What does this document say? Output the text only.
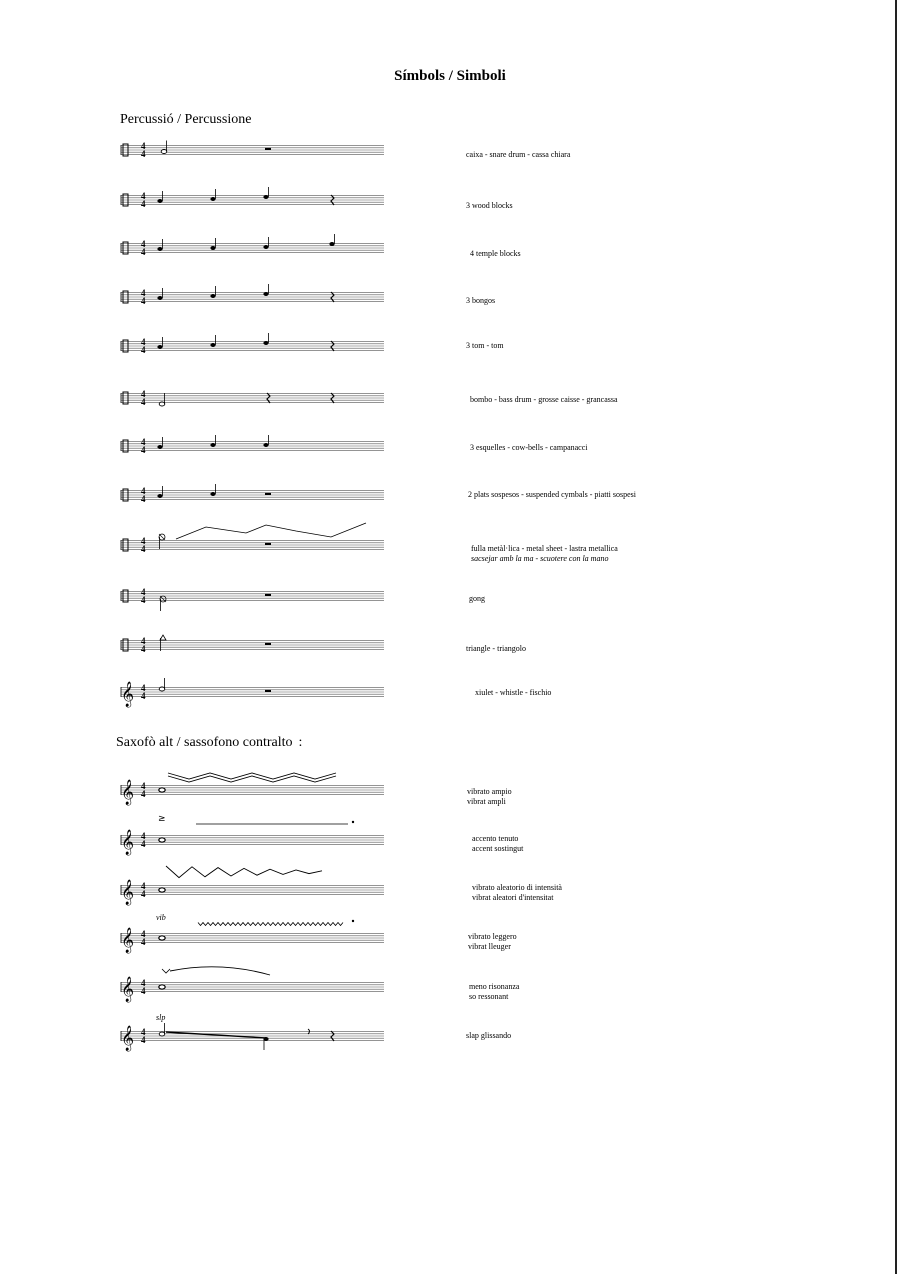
Símbols / Simboli
Percussió / Percussione
Saxofò alt / sassofono contralto :
4
4
4
4
4
4
4
4
4
4
4
4
4
4
4
4
4
4
4
4
4
4
𝄞 4
4
𝄞 4
4
𝄞 4
4
≥
𝄞 4
4
𝄞 4
4
vib
𝄞 4
4
𝄞 4
4
slp
caixa - snare drum - cassa chiara
3 wood blocks
4 temple blocks
3 bongos
3 tom - tom
bombo - bass drum - grosse caisse - grancassa
3 esquelles - cow-bells - campanacci
2 plats sospesos - suspended cymbals - piatti sospesi
fulla metàl·lica - metal sheet - lastra metallica
sacsejar amb la ma - scuotere con la mano
gong
triangle - triangolo
xiulet - whistle - fischio
vibrato ampio
vibrat ampli
accento tenuto
accent sostingut
vibrato aleatorio di intensità
vibrat aleatori d'intensitat
vibrato leggero
vibrat lleuger
meno risonanza
so ressonant
slap glissando
